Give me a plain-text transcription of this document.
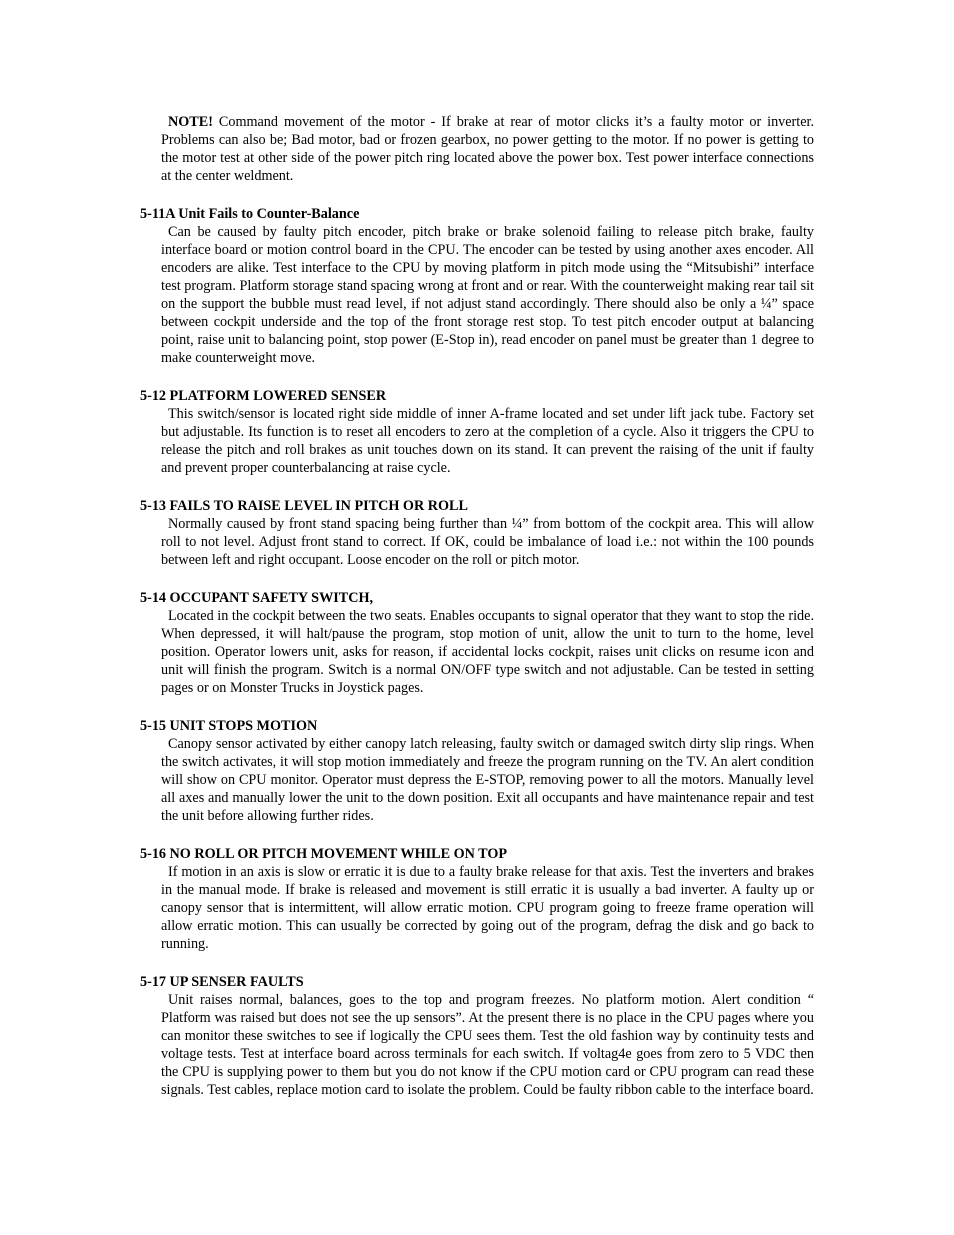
NOTE! Command movement of the motor - If brake at rear of motor clicks it’s a faulty motor or inverter. Problems can also be; Bad motor, bad or frozen gearbox, no power getting to the motor. If no power is getting to the motor test at other side of the power pitch ring located above the power box. Test power interface connections at the center weldment.

5-11A Unit Fails to Counter-Balance

Can be caused by faulty pitch encoder, pitch brake or brake solenoid failing to release pitch brake, faulty interface board or motion control board in the CPU. The encoder can be tested by using another axes encoder. All encoders are alike. Test interface to the CPU by moving platform in pitch mode using the “Mitsubishi” interface test program. Platform storage stand spacing wrong at front and or rear. With the counterweight making rear tail sit on the support the bubble must read level, if not adjust stand accordingly. There should also be only a ¼” space between cockpit underside and the top of the front storage rest stop. To test pitch encoder output at balancing point, raise unit to balancing point, stop power (E-Stop in), read encoder on panel must be greater than 1 degree to make counterweight move.

5-12 PLATFORM LOWERED SENSER

This switch/sensor is located right side middle of inner A-frame located and set under lift jack tube. Factory set but adjustable. Its function is to reset all encoders to zero at the completion of a cycle. Also it triggers the CPU to release the pitch and roll brakes as unit touches down on its stand. It can prevent the raising of the unit if faulty and prevent proper counterbalancing at raise cycle.

5-13 FAILS TO RAISE LEVEL IN PITCH OR ROLL

Normally caused by front stand spacing being further than ¼” from bottom of the cockpit area. This will allow roll to not level. Adjust front stand to correct. If OK, could be imbalance of load i.e.: not within the 100 pounds between left and right occupant. Loose encoder on the roll or pitch motor.

5-14 OCCUPANT SAFETY SWITCH,

Located in the cockpit between the two seats. Enables occupants to signal operator that they want to stop the ride. When depressed, it will halt/pause the program, stop motion of unit, allow the unit to turn to the home, level position. Operator lowers unit, asks for reason, if accidental locks cockpit, raises unit clicks on resume icon and unit will finish the program. Switch is a normal ON/OFF type switch and not adjustable. Can be tested in setting pages or on Monster Trucks in Joystick pages.

5-15 UNIT STOPS MOTION

Canopy sensor activated by either canopy latch releasing, faulty switch or damaged switch dirty slip rings. When the switch activates, it will stop motion immediately and freeze the program running on the TV. An alert condition will show on CPU monitor. Operator must depress the E-STOP, removing power to all the motors. Manually level all axes and manually lower the unit to the down position. Exit all occupants and have maintenance repair and test the unit before allowing further rides.

5-16 NO ROLL OR PITCH MOVEMENT WHILE ON TOP

If motion in an axis is slow or erratic it is due to a faulty brake release for that axis. Test the inverters and brakes in the manual mode. If brake is released and movement is still erratic it is usually a bad inverter. A faulty up or canopy sensor that is intermittent, will allow erratic motion. CPU program going to freeze frame operation will allow erratic motion. This can usually be corrected by going out of the program, defrag the disk and go back to running.

5-17 UP SENSER FAULTS

Unit raises normal, balances, goes to the top and program freezes. No platform motion. Alert condition “ Platform was raised but does not see the up sensors”. At the present there is no place in the CPU pages where you can monitor these switches to see if logically the CPU sees them. Test the old fashion way by continuity tests and voltage tests. Test at interface board across terminals for each switch. If voltag4e goes from zero to 5 VDC then the CPU is supplying power to them but you do not know if the CPU motion card or CPU program can read these signals. Test cables, replace motion card to isolate the problem. Could be faulty ribbon cable to the interface board.
